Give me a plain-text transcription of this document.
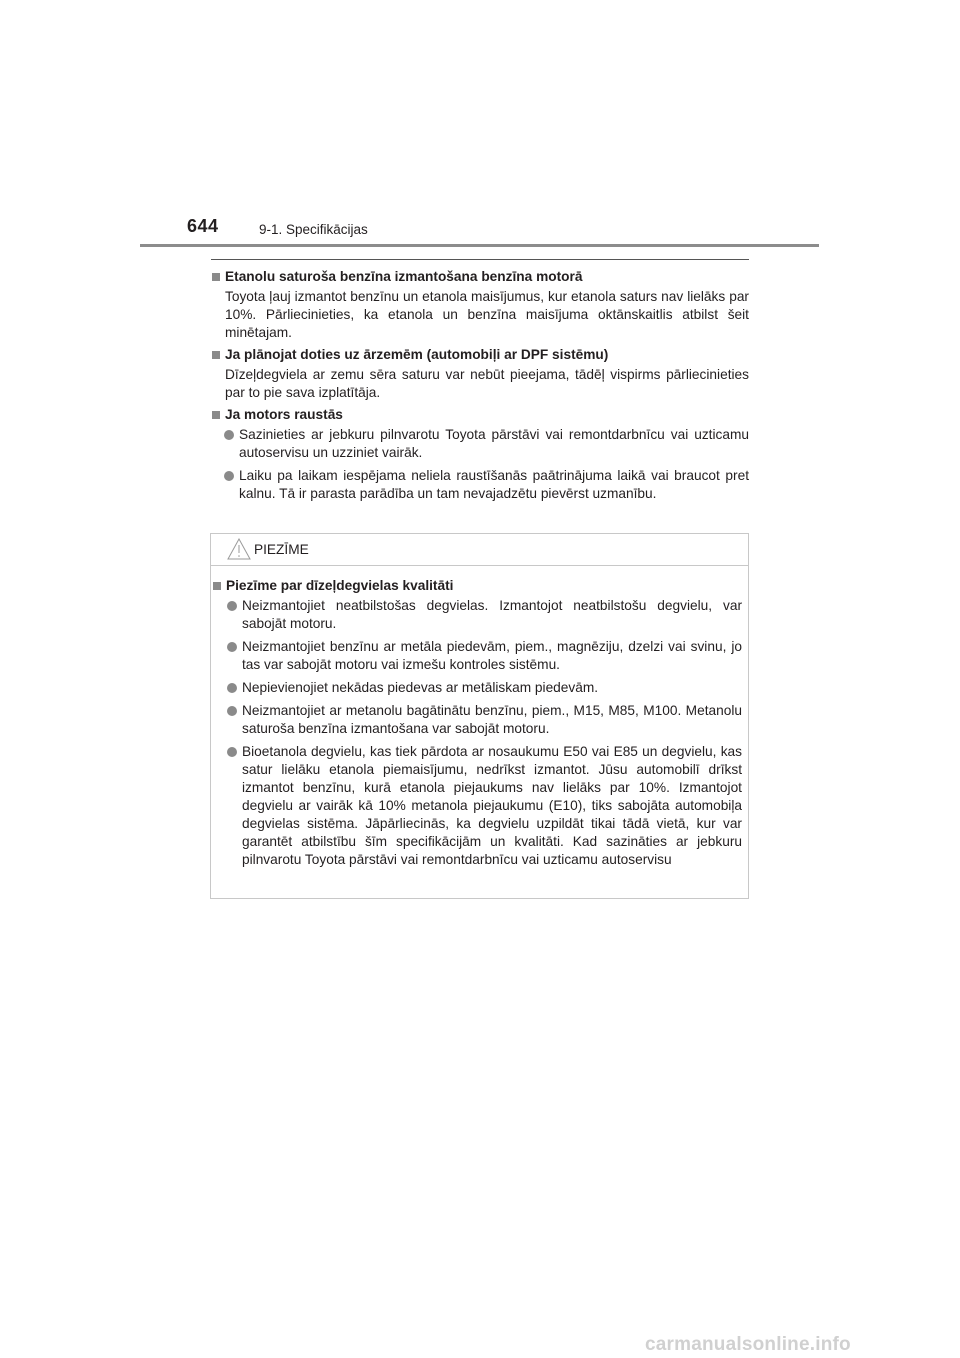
644	9-1. Specifikācijas
Etanolu saturoša benzīna izmantošana benzīna motorā
Toyota ļauj izmantot benzīnu un etanola maisījumus, kur etanola saturs nav lielāks par 10%. Pārliecinieties, ka etanola un benzīna maisījuma oktānskaitlis atbilst šeit minētajam.
Ja plānojat doties uz ārzemēm (automobiļi ar DPF sistēmu)
Dīzeļdegviela ar zemu sēra saturu var nebūt pieejama, tādēļ vispirms pārliecinieties par to pie sava izplatītāja.
Ja motors raustās
Sazinieties ar jebkuru pilnvarotu Toyota pārstāvi vai remontdarbnīcu vai uzticamu autoservisu un uzziniet vairāk.
Laiku pa laikam iespējama neliela raustīšanās paātrinājuma laikā vai braucot pret kalnu. Tā ir parasta parādība un tam nevajadzētu pievērst uzmanību.
PIEZĪME
Piezīme par dīzeļdegvielas kvalitāti
Neizmantojiet neatbilstošas degvielas. Izmantojot neatbilstošu degvielu, var sabojāt motoru.
Neizmantojiet benzīnu ar metāla piedevām, piem., magnēziju, dzelzi vai svinu, jo tas var sabojāt motoru vai izmešu kontroles sistēmu.
Nepievienojiet nekādas piedevas ar metāliskam piedevām.
Neizmantojiet ar metanolu bagātinātu benzīnu, piem., M15, M85, M100. Metanolu saturoša benzīna izmantošana var sabojāt motoru.
Bioetanola degvielu, kas tiek pārdota ar nosaukumu E50 vai E85 un degvielu, kas satur lielāku etanola piemaisījumu, nedrīkst izmantot. Jūsu automobilī drīkst izmantot benzīnu, kurā etanola piejaukums nav lielāks par 10%. Izmantojot degvielu ar vairāk kā 10% metanola piejaukumu (E10), tiks sabojāta automobiļa degvielas sistēma. Jāpārliecinās, ka degvielu uzpildāt tikai tādā vietā, kur var garantēt atbilstību šīm specifikācijām un kvalitāti. Kad sazināties ar jebkuru pilnvarotu Toyota pārstāvi vai remontdarbnīcu vai uzticamu autoservisu
carmanualsonline.info
